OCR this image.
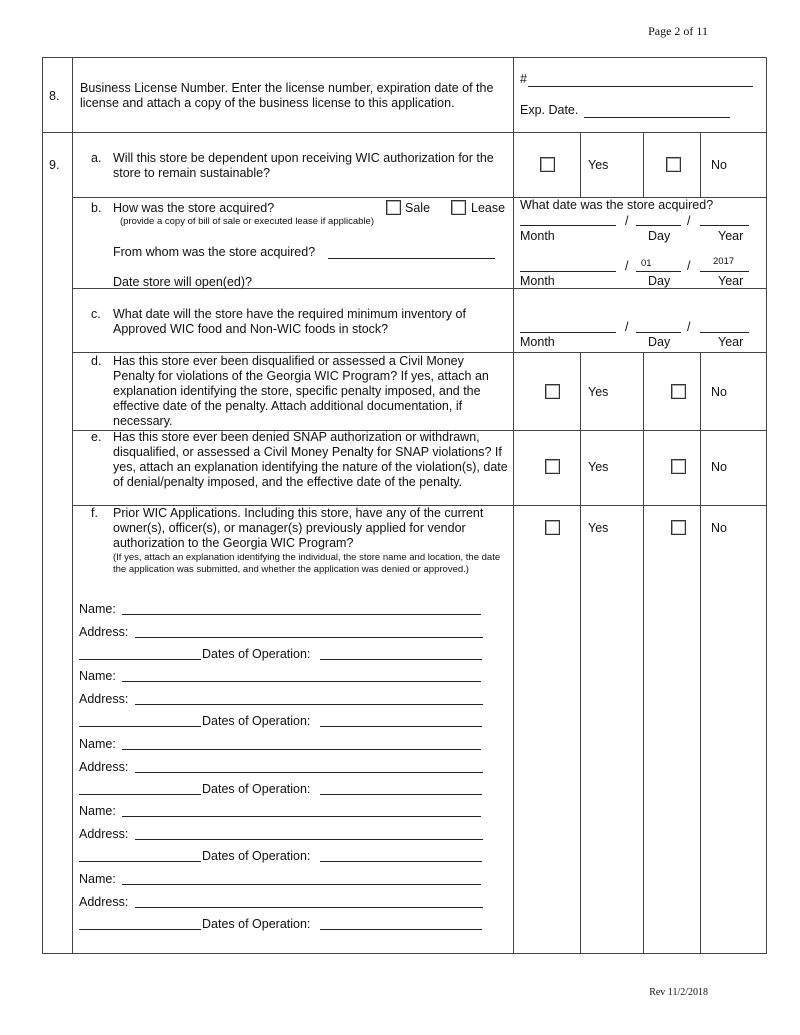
Page 2 of 11
8.
Business License Number. Enter the license number, expiration date of the license and attach a copy of the business license to this application.
#
Exp. Date.
9.	a. Will this store be dependent upon receiving WIC authorization for the store to remain sustainable?
Yes	No
b. How was the store acquired?	Sale	Lease
(provide a copy of bill of sale or executed lease if applicable)
From whom was the store acquired?
Date store will open(ed)?
What date was the store acquired?
/	/
Month	Day	Year
/ 01	/ 2017
Month	Day	Year
c. What date will the store have the required minimum inventory of Approved WIC food and Non-WIC foods in stock?	/	/
Month	Day	Year
d. Has this store ever been disqualified or assessed a Civil Money Penalty for violations of the Georgia WIC Program? If yes, attach an explanation identifying the store, specific penalty imposed, and the effective date of the penalty. Attach additional documentation, if necessary.
Yes	No
e. Has this store ever been denied SNAP authorization or withdrawn, disqualified, or assessed a Civil Money Penalty for SNAP violations? If yes, attach an explanation identifying the nature of the violation(s), date of denial/penalty imposed, and the effective date of the penalty.
Yes	No
f. Prior WIC Applications. Including this store, have any of the current owner(s), officer(s), or manager(s) previously applied for vendor authorization to the Georgia WIC Program?
(If yes, attach an explanation identifying the individual, the store name and location, the date the application was submitted, and whether the application was denied or approved.)
Yes	No
Name:
Address:
Dates of Operation:
Name:
Address:
Dates of Operation:
Name:
Address:
Dates of Operation:
Name:
Address:
Dates of Operation:
Name:
Address:
Dates of Operation:
Rev 11/2/2018
